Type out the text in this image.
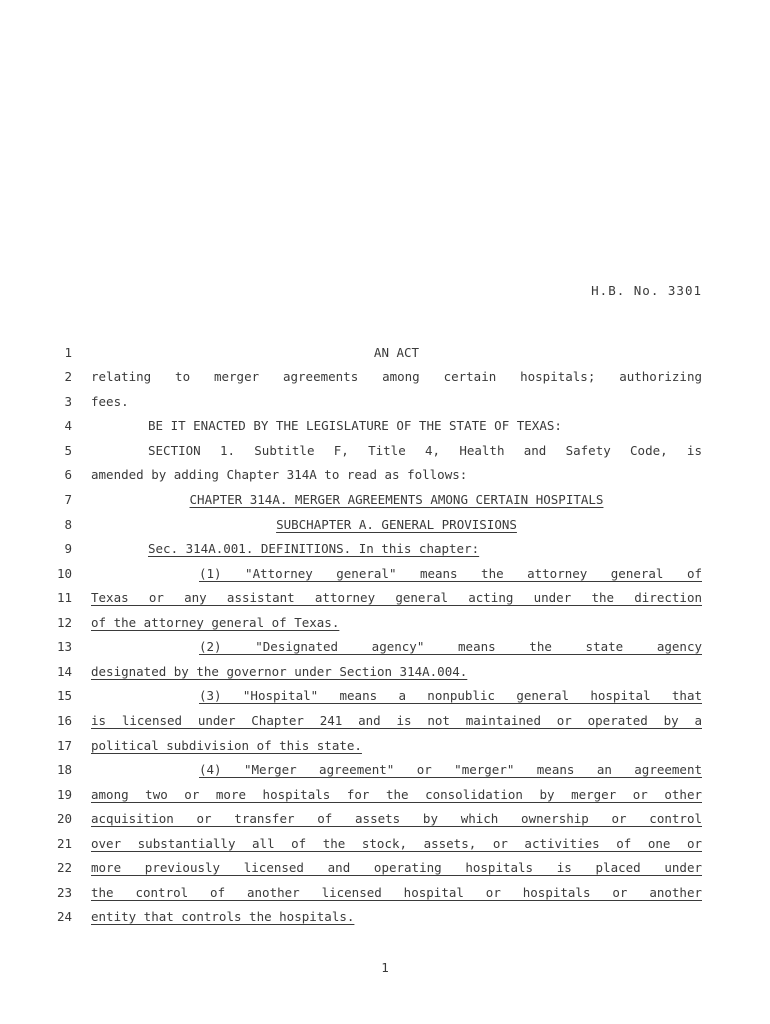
H.B. No. 3301
1	AN ACT
2 relating to merger agreements among certain hospitals; authorizing
3 fees.
4	BE IT ENACTED BY THE LEGISLATURE OF THE STATE OF TEXAS:
5	SECTION 1. Subtitle F, Title 4, Health and Safety Code, is
6 amended by adding Chapter 314A to read as follows:
7	CHAPTER 314A. MERGER AGREEMENTS AMONG CERTAIN HOSPITALS
8	SUBCHAPTER A. GENERAL PROVISIONS
9	Sec. 314A.001. DEFINITIONS. In this chapter:
10	(1) "Attorney general" means the attorney general of
11 Texas or any assistant attorney general acting under the direction
12 of the attorney general of Texas.
13	(2) "Designated agency" means the state agency
14 designated by the governor under Section 314A.004.
15	(3) "Hospital" means a nonpublic general hospital that
16 is licensed under Chapter 241 and is not maintained or operated by a
17 political subdivision of this state.
18	(4) "Merger agreement" or "merger" means an agreement
19 among two or more hospitals for the consolidation by merger or other
20 acquisition or transfer of assets by which ownership or control
21 over substantially all of the stock, assets, or activities of one or
22 more previously licensed and operating hospitals is placed under
23 the control of another licensed hospital or hospitals or another
24 entity that controls the hospitals.
1
